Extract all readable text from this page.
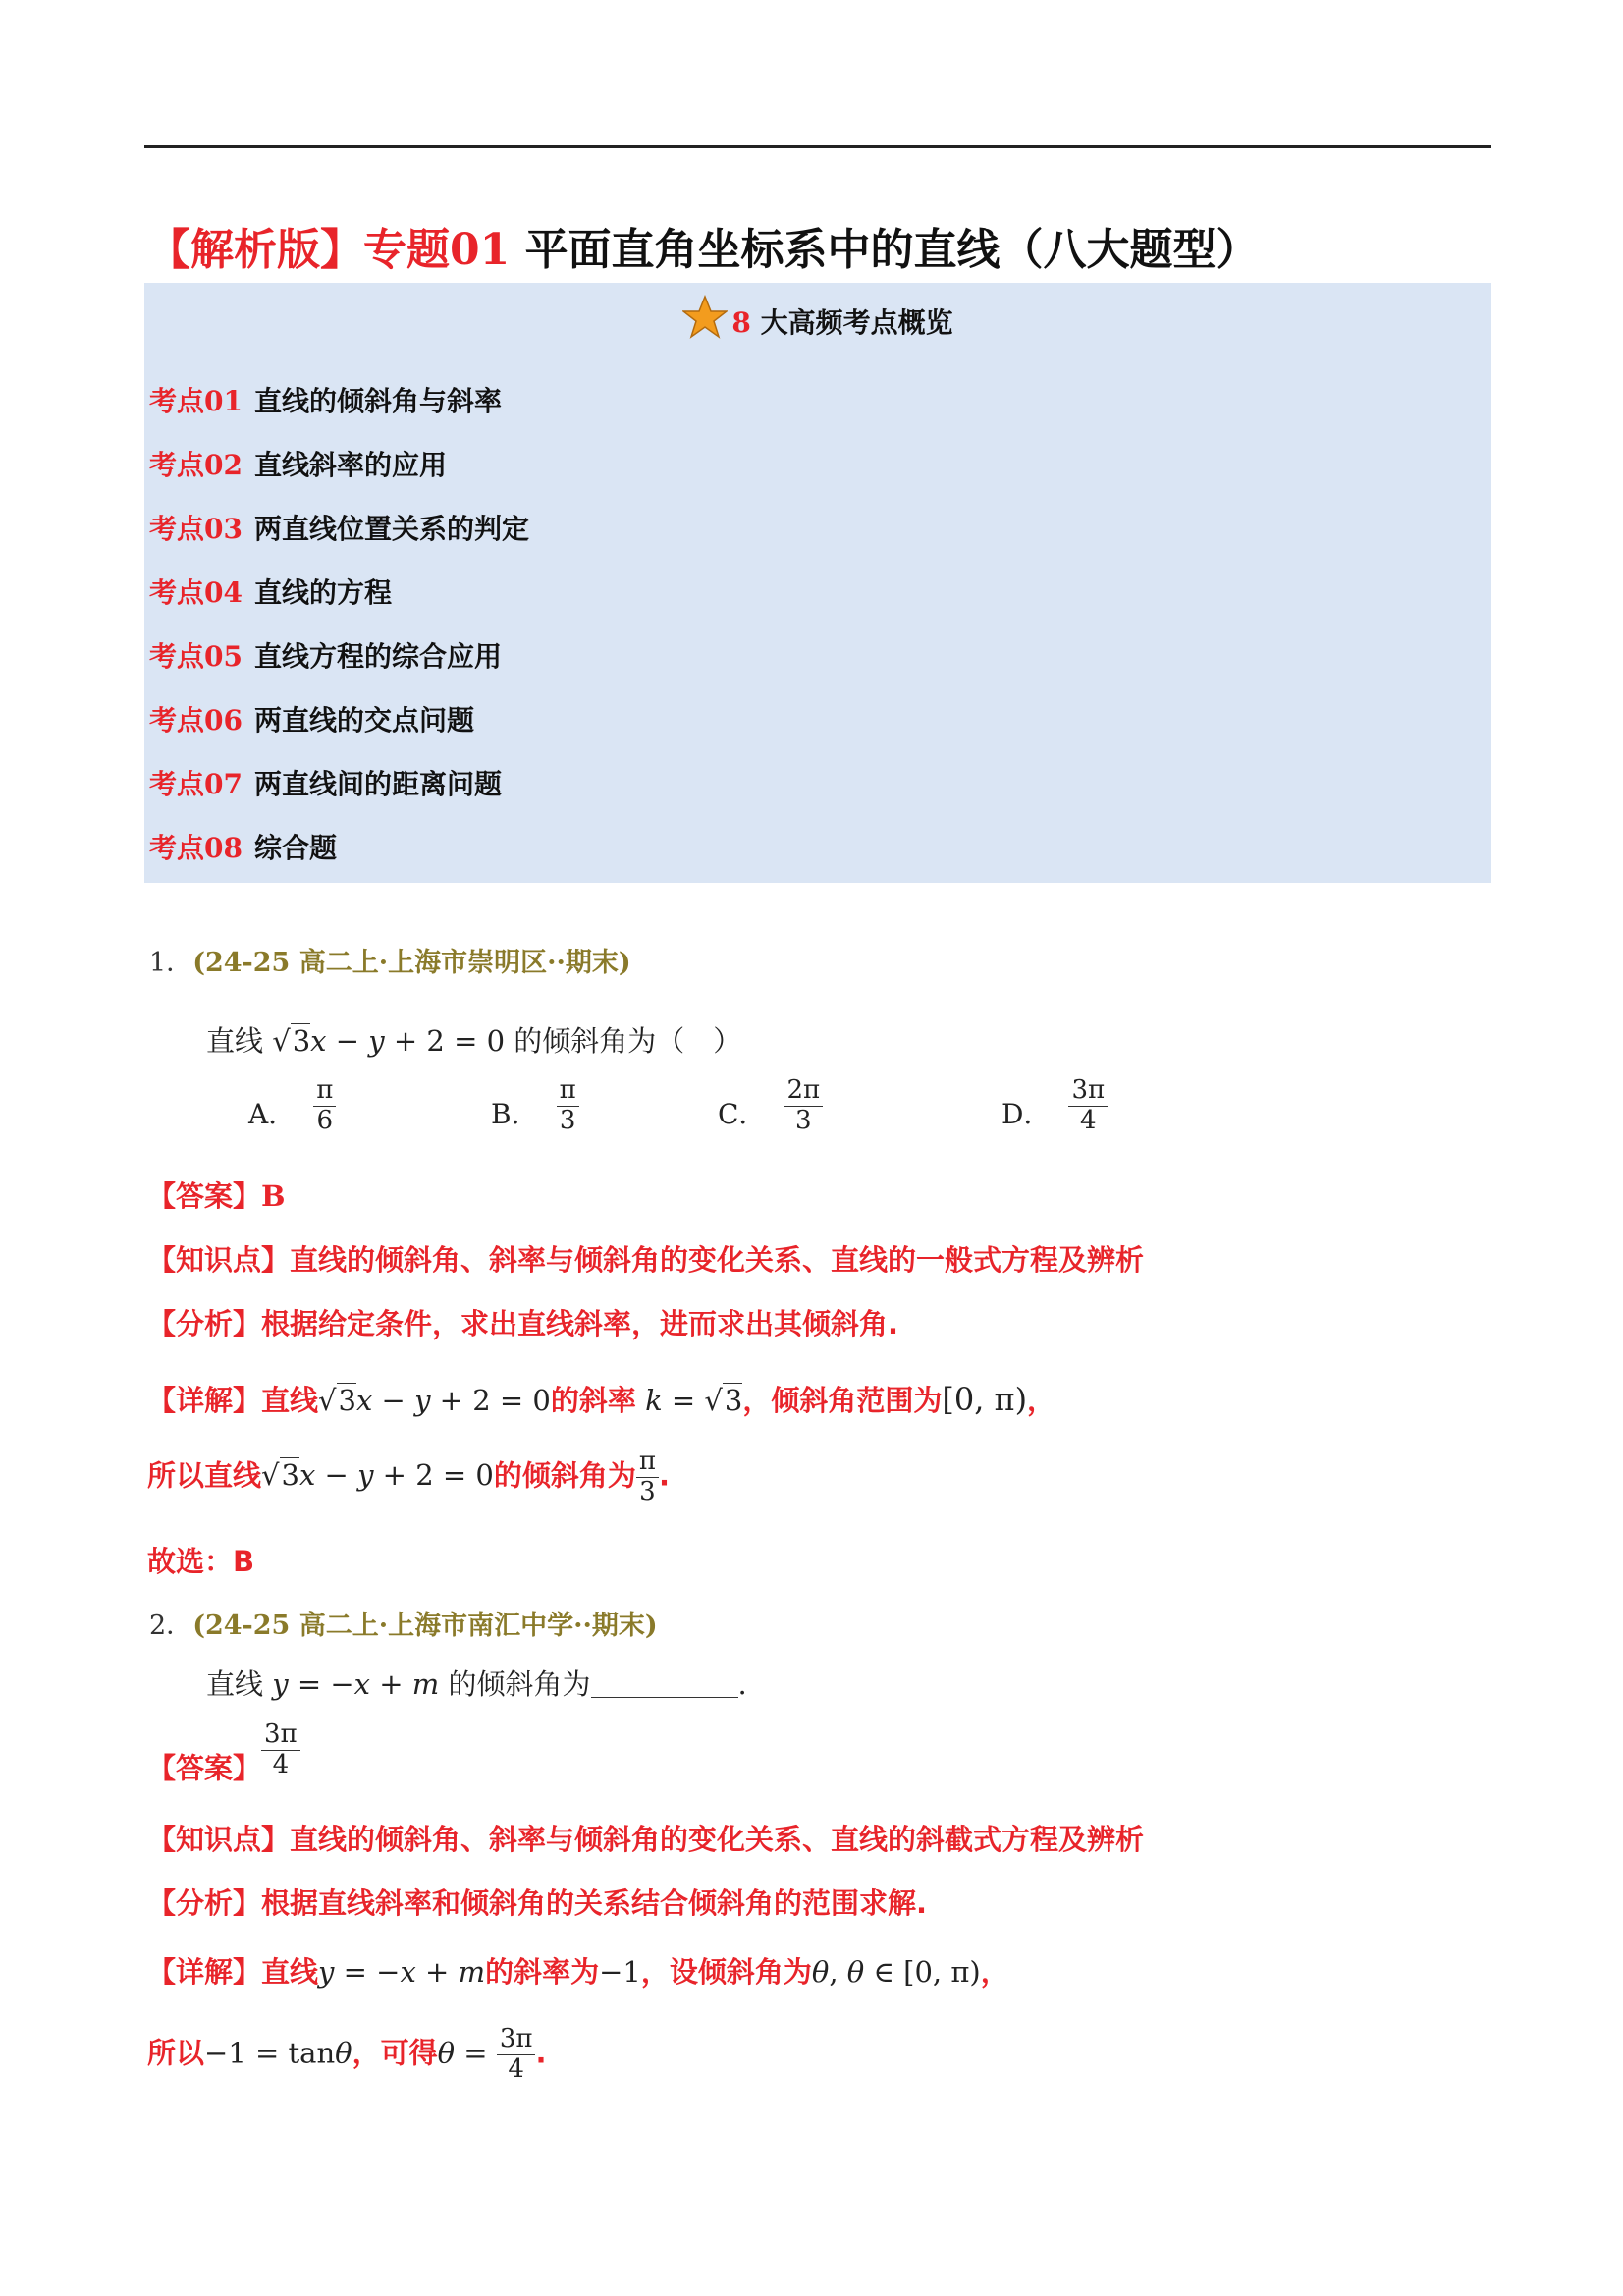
【解析版】专题01 平面直角坐标系中的直线（八大题型）
8 大高频考点概览
考点01 直线的倾斜角与斜率
考点02 直线斜率的应用
考点03 两直线位置关系的判定
考点04 直线的方程
考点05 直线方程的综合应用
考点06 两直线的交点问题
考点07 两直线间的距离问题
考点08 综合题
1．(24-25 高二上·上海市崇明区··期末)
直线 √3x − y + 2 = 0 的倾斜角为（　）
A． $\frac{\pi}{6}$	B． $\frac{\pi}{3}$	C． $\frac{2\pi}{3}$	D． $\frac{3\pi}{4}$
【答案】B
【知识点】直线的倾斜角、斜率与倾斜角的变化关系、直线的一般式方程及辨析
【分析】根据给定条件，求出直线斜率，进而求出其倾斜角.
【详解】直线√3x − y + 2 = 0的斜率 k = √3，倾斜角范围为[0, π)，
所以直线√3x − y + 2 = 0的倾斜角为 $\frac{\pi}{3}$ .
故选：B
2．(24-25 高二上·上海市南汇中学··期末)
直线 y = −x + m 的倾斜角为	.
【答案】 $\frac{3\pi}{4}$
【知识点】直线的倾斜角、斜率与倾斜角的变化关系、直线的斜截式方程及辨析
【分析】根据直线斜率和倾斜角的关系结合倾斜角的范围求解.
【详解】直线y = −x + m的斜率为−1，设倾斜角为θ, θ ∈ [0, π)，
所以−1 = tanθ，可得$\theta = \frac{3\pi}{4}$ .
